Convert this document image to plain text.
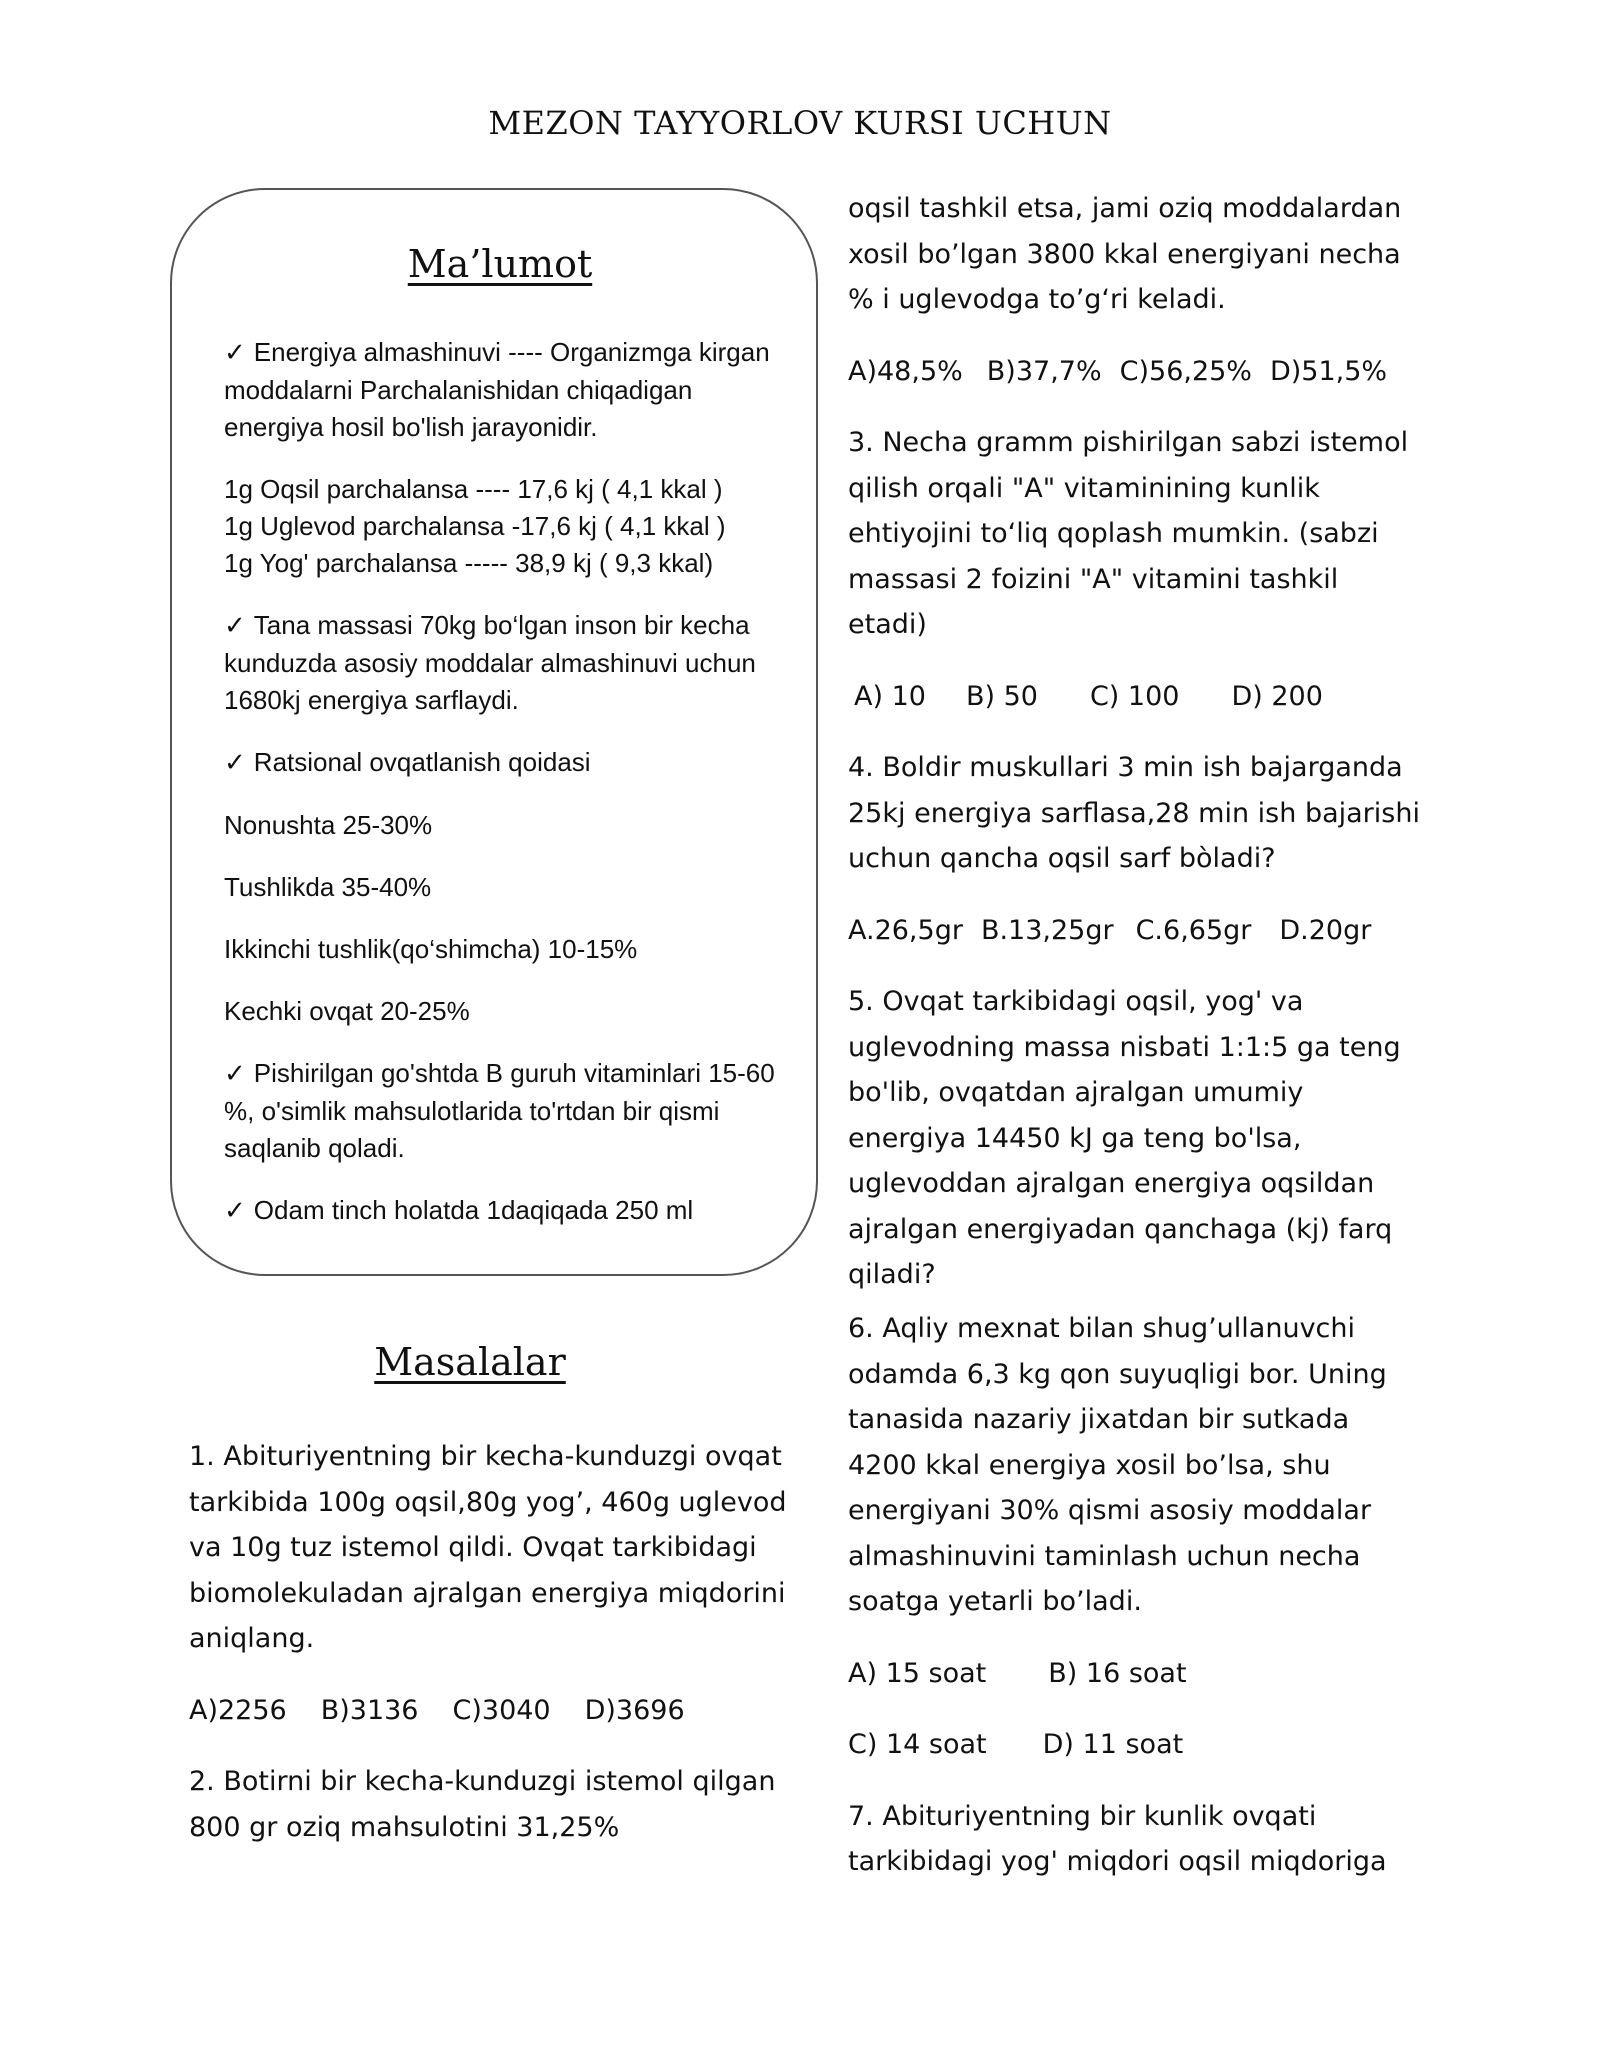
MEZON TAYYORLOV KURSI UCHUN
Ma’lumot
✓ Energiya almashinuvi ---- Organizmga kirgan moddalarni Parchalanishidan chiqadigan energiya hosil bo'lish jarayonidir.
1g Oqsil parchalansa ---- 17,6 kj ( 4,1 kkal )
1g Uglevod parchalansa -17,6 kj ( 4,1 kkal )
1g Yog' parchalansa ----- 38,9 kj ( 9,3 kkal)
✓ Tana massasi 70kg bo‘lgan inson bir kecha kunduzda asosiy moddalar almashinuvi uchun 1680kj energiya sarflaydi.
✓ Ratsional ovqatlanish qoidasi
Nonushta 25-30%
Tushlikda 35-40%
Ikkinchi tushlik(qo‘shimcha) 10-15%
Kechki ovqat 20-25%
✓ Pishirilgan go'shtda B guruh vitaminlari 15-60 %, o'simlik mahsulotlarida to'rtdan bir qismi saqlanib qoladi.
✓ Odam tinch holatda 1daqiqada 250 ml
Masalalar

1. Abituriyentning bir kecha-kunduzgi ovqat tarkibida 100g oqsil,80g yog’, 460g uglevod va 10g tuz istemol qildi. Ovqat tarkibidagi biomolekuladan ajralgan energiya miqdorini aniqlang.

A)2256 B)3136 C)3040 D)3696

2. Botirni bir kecha-kunduzgi istemol qilgan 800 gr oziq mahsulotini 31,25%

oqsil tashkil etsa, jami oziq moddalardan xosil bo’lgan 3800 kkal energiyani necha % i uglevodga to’g‘ri keladi.

A)48,5% B)37,7% C)56,25% D)51,5%

3. Necha gramm pishirilgan sabzi istemol qilish orqali "A" vitaminining kunlik ehtiyojini to‘liq qoplash mumkin. (sabzi massasi 2 foizini "A" vitamini tashkil etadi)

A) 10 B) 50 C) 100 D) 200

4. Boldir muskullari 3 min ish bajarganda 25kj energiya sarflasa,28 min ish bajarishi uchun qancha oqsil sarf bòladi?

A.26,5gr B.13,25gr C.6,65gr D.20gr

5. Ovqat tarkibidagi oqsil, yog' va uglevodning massa nisbati 1:1:5 ga teng bo'lib, ovqatdan ajralgan umumiy energiya 14450 kJ ga teng bo'lsa, uglevoddan ajralgan energiya oqsildan ajralgan energiyadan qanchaga (kj) farq qiladi?

6. Aqliy mexnat bilan shug’ullanuvchi odamda 6,3 kg qon suyuqligi bor. Uning tanasida nazariy jixatdan bir sutkada 4200 kkal energiya xosil bo’lsa, shu energiyani 30% qismi asosiy moddalar almashinuvini taminlash uchun necha soatga yetarli bo’ladi.

A) 15 soat B) 16 soat

C) 14 soat D) 11 soat

7. Abituriyentning bir kunlik ovqati tarkibidagi yog' miqdori oqsil miqdoriga
